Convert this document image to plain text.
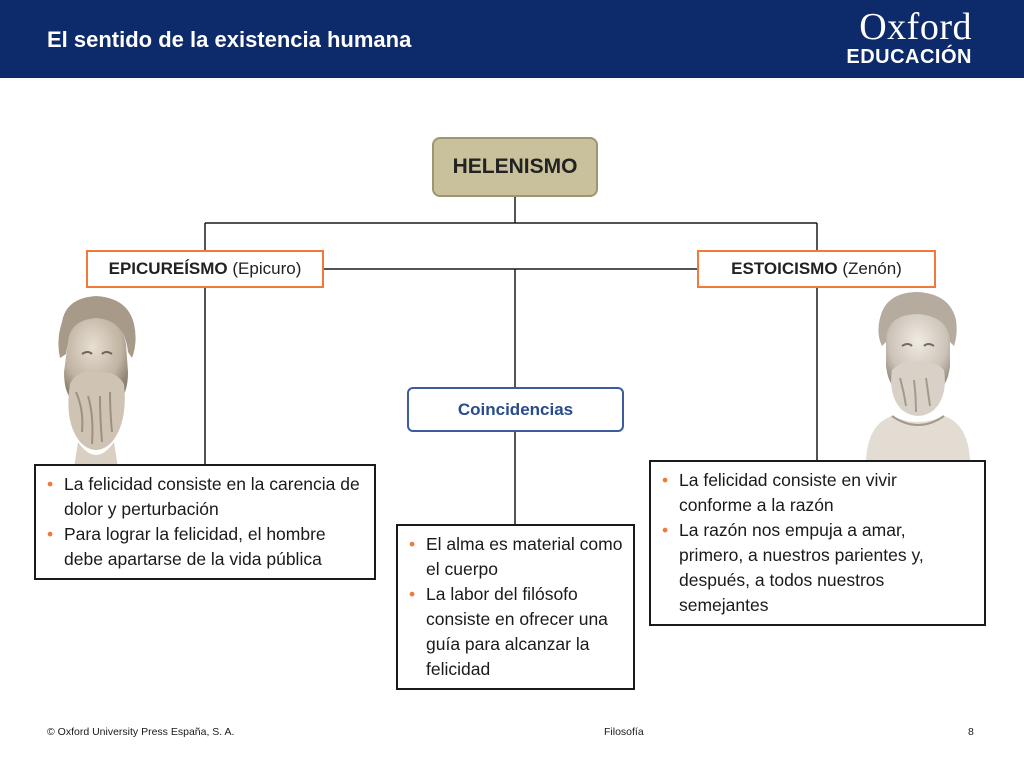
El sentido de la existencia humana	Oxford
EDUCACIÓN
HELENISMO
EPICUREÍSMO
(Epicuro)	ESTOICISMO
(Zenón)
Coincidencias
• La felicidad consiste en la carencia de dolor y perturbación
• Para lograr la felicidad, el hombre debe apartarse de la vida pública
• El alma es material como el cuerpo
• La labor del filósofo consiste en ofrecer una guía para alcanzar la felicidad
• La felicidad consiste en vivir conforme a la razón
• La razón nos empuja a amar, primero, a nuestros parientes y, después, a todos nuestros semejantes
© Oxford University Press España, S. A.	Filosofía	8
